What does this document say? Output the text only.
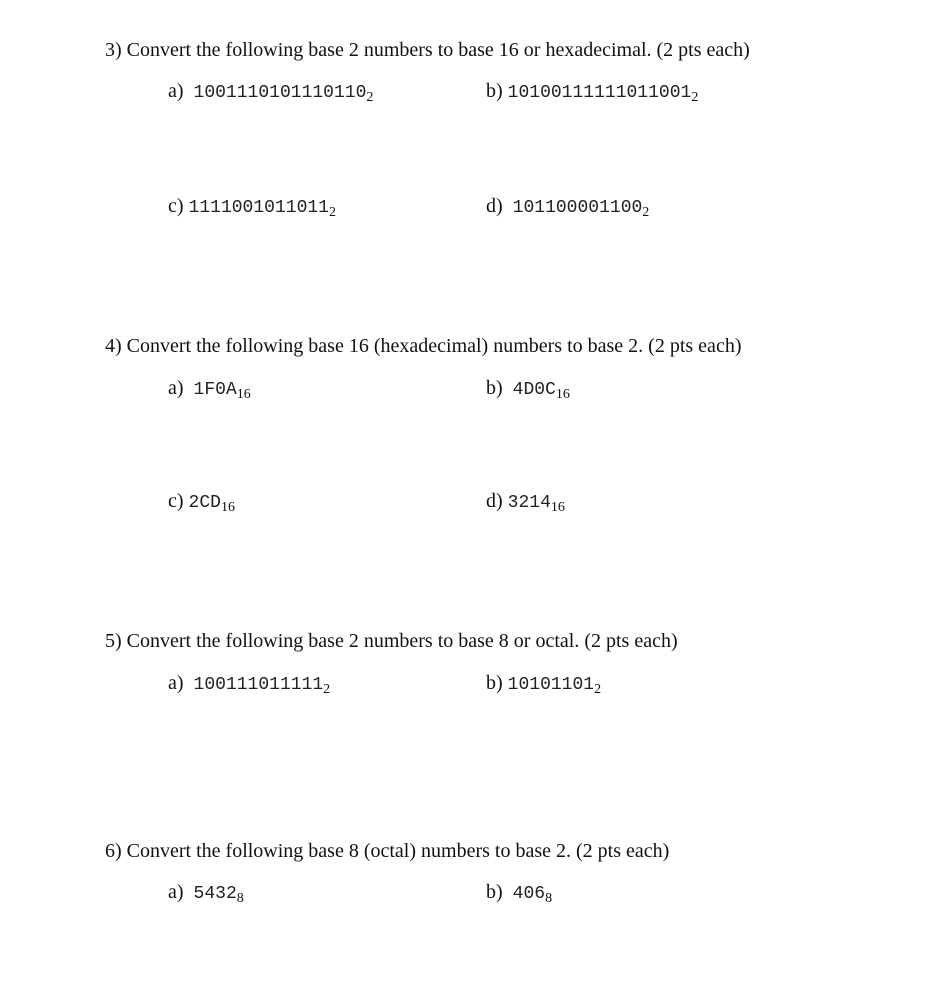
3) Convert the following base 2 numbers to base 16 or hexadecimal. (2 pts each)
a) $1001110101110110_2$	b) $10100111111011001_2$
c) $1111001011011_2$	d) $101100001100_2$
4) Convert the following base 16 (hexadecimal) numbers to base 2. (2 pts each)
a) $1F0A_{16}$	b) $4D0C_{16}$
c) $2CD_{16}$	d) $3214_{16}$
5) Convert the following base 2 numbers to base 8 or octal. (2 pts each)
a) $100111011111_2$	b) $10101101_2$
6) Convert the following base 8 (octal) numbers to base 2. (2 pts each)
a) $5432_8$	b) $406_8$
